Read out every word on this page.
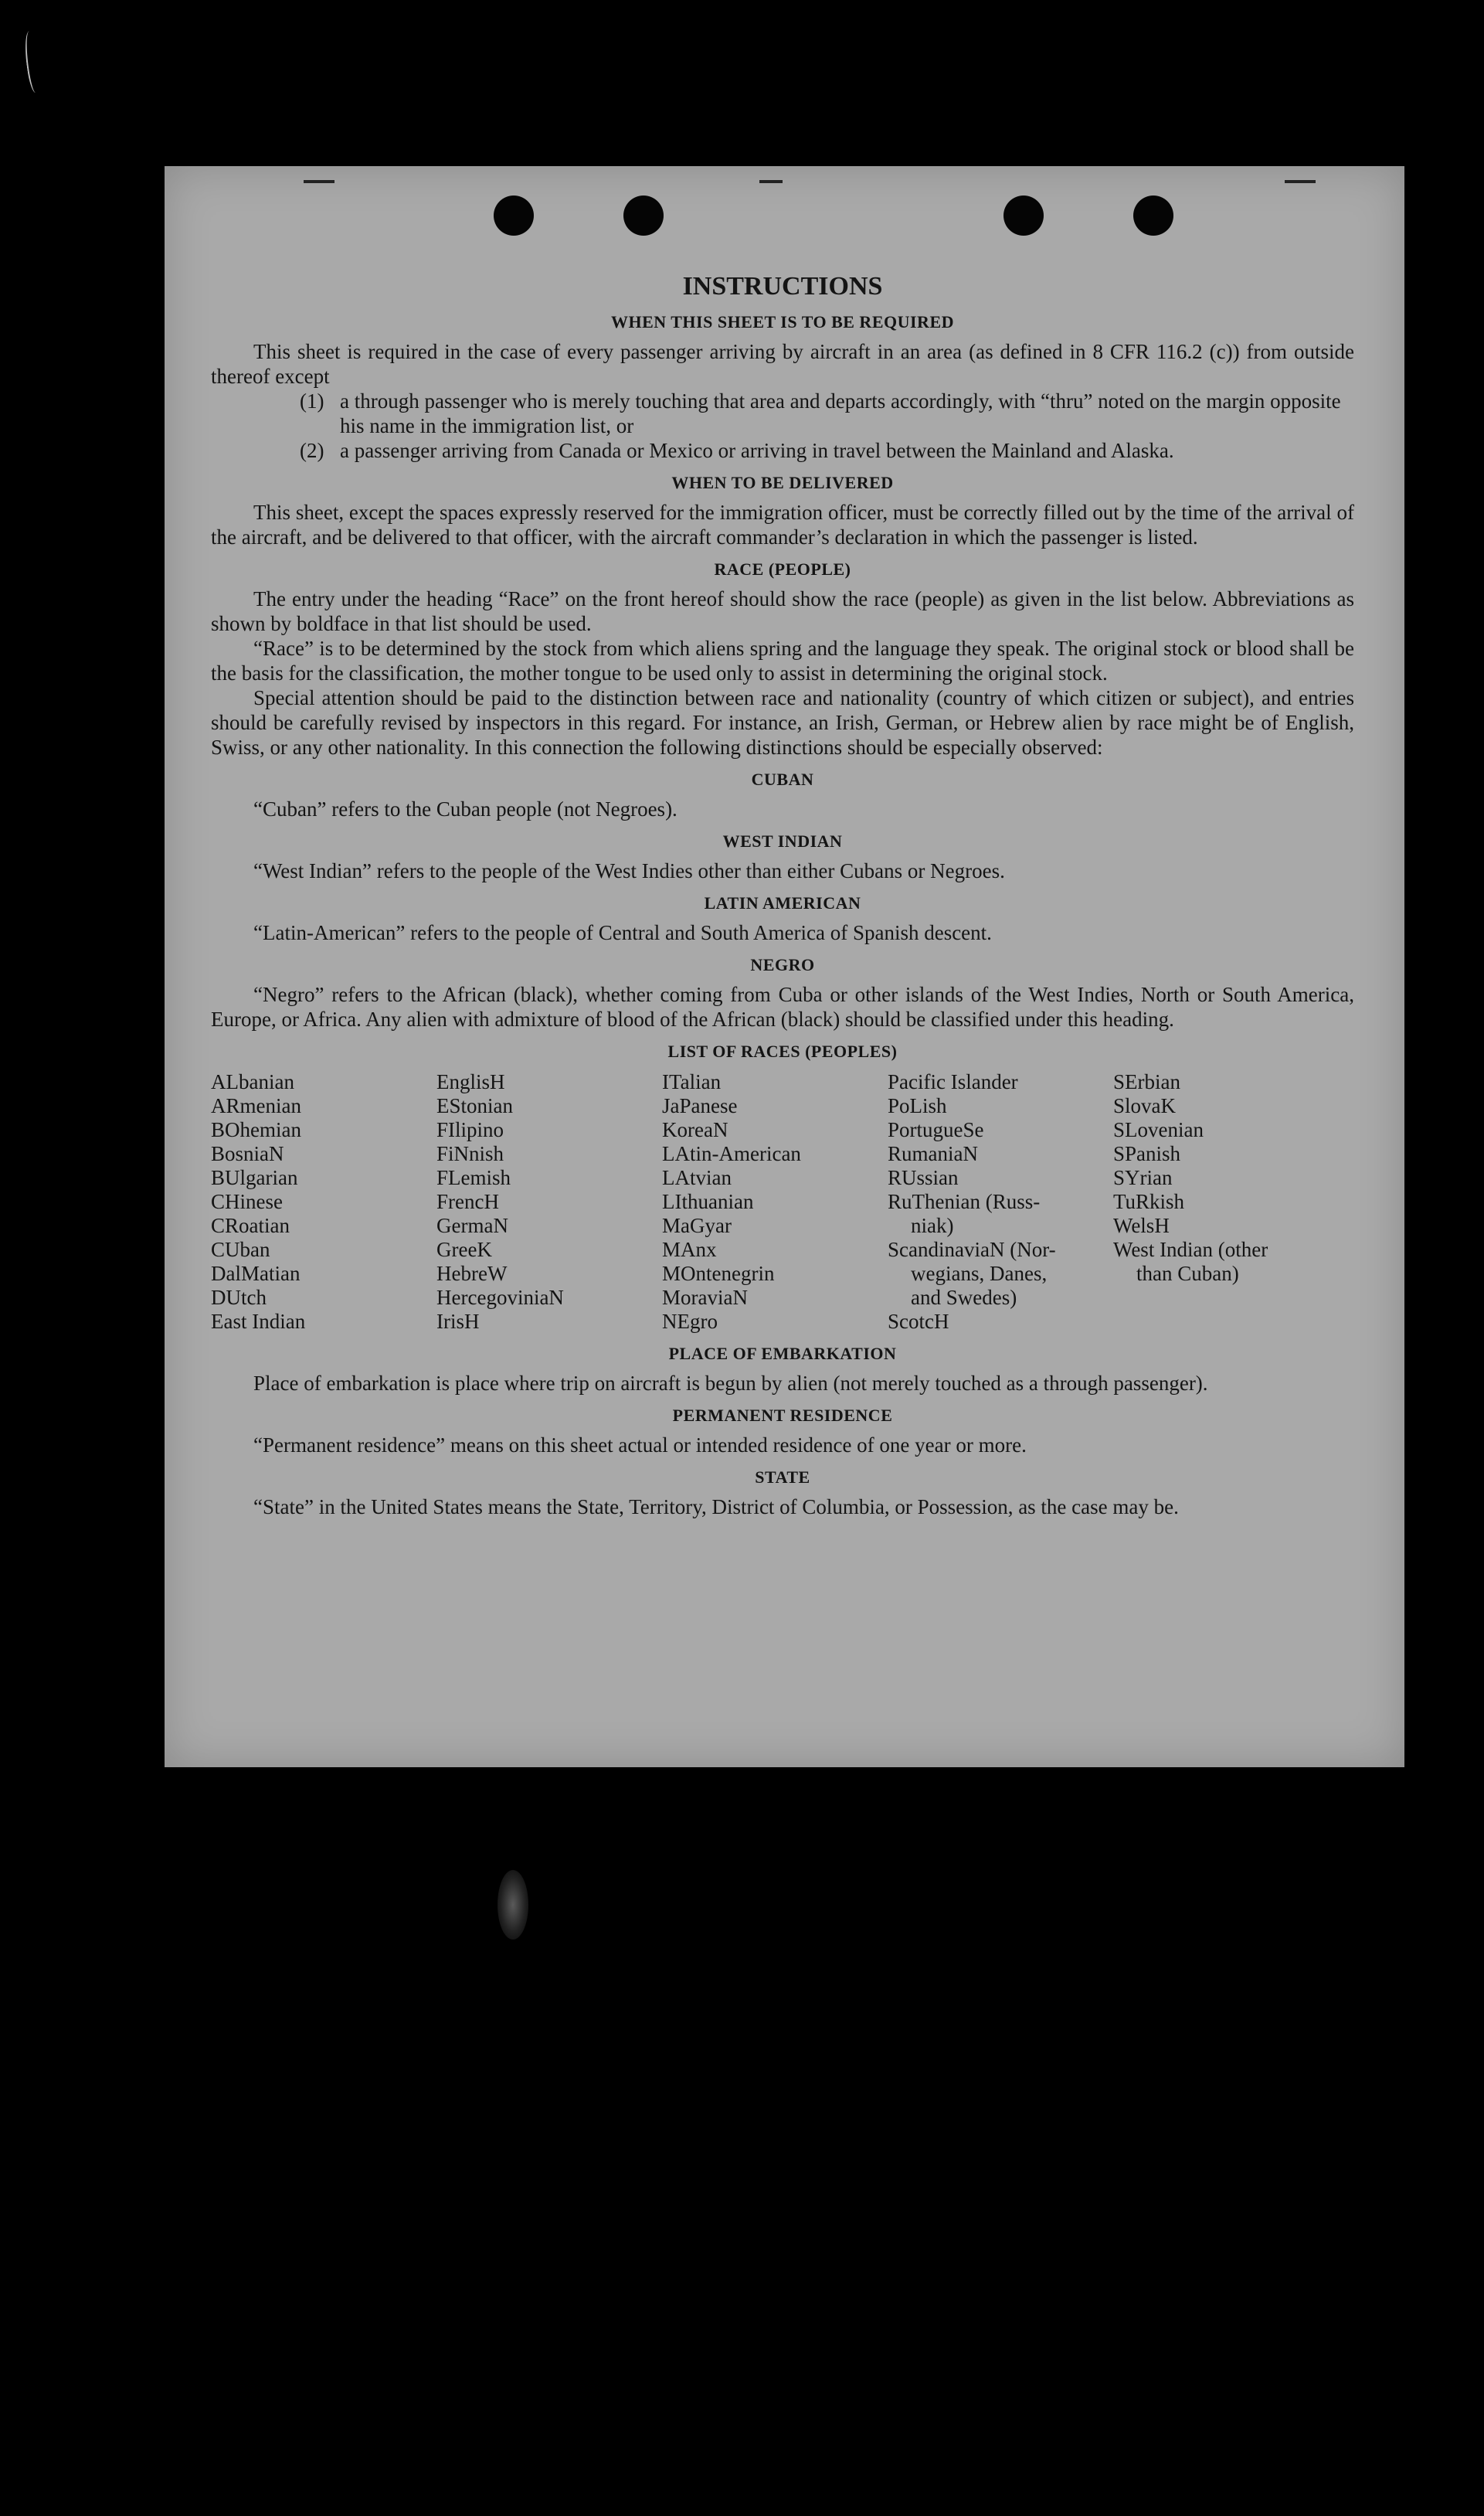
INSTRUCTIONS
WHEN THIS SHEET IS TO BE REQUIRED

This sheet is required in the case of every passenger arriving by aircraft in an area (as defined in 8 CFR 116.2 (c)) from outside thereof except

(1) a through passenger who is merely touching that area and departs accordingly, with “thru” noted on the margin opposite his name in the immigration list, or
(2) a passenger arriving from Canada or Mexico or arriving in travel between the Mainland and Alaska.
WHEN TO BE DELIVERED

This sheet, except the spaces expressly reserved for the immigration officer, must be correctly filled out by the time of the arrival of the aircraft, and be delivered to that officer, with the aircraft commander’s declaration in which the passenger is listed.

RACE (PEOPLE)

The entry under the heading “Race” on the front hereof should show the race (people) as given in the list below. Abbreviations as shown by boldface in that list should be used.

“Race” is to be determined by the stock from which aliens spring and the language they speak. The original stock or blood shall be the basis for the classification, the mother tongue to be used only to assist in determining the original stock.

Special attention should be paid to the distinction between race and nationality (country of which citizen or subject), and entries should be carefully revised by inspectors in this regard. For instance, an Irish, German, or Hebrew alien by race might be of English, Swiss, or any other nationality. In this connection the following distinctions should be especially observed:

CUBAN

“Cuban” refers to the Cuban people (not Negroes).

WEST INDIAN

“West Indian” refers to the people of the West Indies other than either Cubans or Negroes.

LATIN AMERICAN

“Latin-American” refers to the people of Central and South America of Spanish descent.

NEGRO

“Negro” refers to the African (black), whether coming from Cuba or other islands of the West Indies, North or South America, Europe, or Africa. Any alien with admixture of blood of the African (black) should be classified under this heading.

LIST OF RACES (PEOPLES)
ALbanian
ARmenian
BOhemian
BosniaN
BUlgarian
CHinese
CRoatian
CUban
DalMatian
DUtch
East Indian
EnglisH
EStonian
FIlipino
FiNnish
FLemish
FrencH
GermaN
GreeK
HebreW
HercegoviniaN
IrisH
ITalian
JaPanese
KoreaN
LAtin-American
LAtvian
LIthuanian
MaGyar
MAnx
MOntenegrin
MoraviaN
NEgro
Pacific Islander
PoLish
PortugueSe
RumaniaN
RUssian
RuThenian (Russ-
niak)
ScandinaviaN (Nor-
wegians, Danes,
and Swedes)
ScotcH
SErbian
SlovaK
SLovenian
SPanish
SYrian
TuRkish
WelsH
West Indian (other
than Cuban)
PLACE OF EMBARKATION

Place of embarkation is place where trip on aircraft is begun by alien (not merely touched as a through passenger).

PERMANENT RESIDENCE

“Permanent residence” means on this sheet actual or intended residence of one year or more.

STATE

“State” in the United States means the State, Territory, District of Columbia, or Possession, as the case may be.
